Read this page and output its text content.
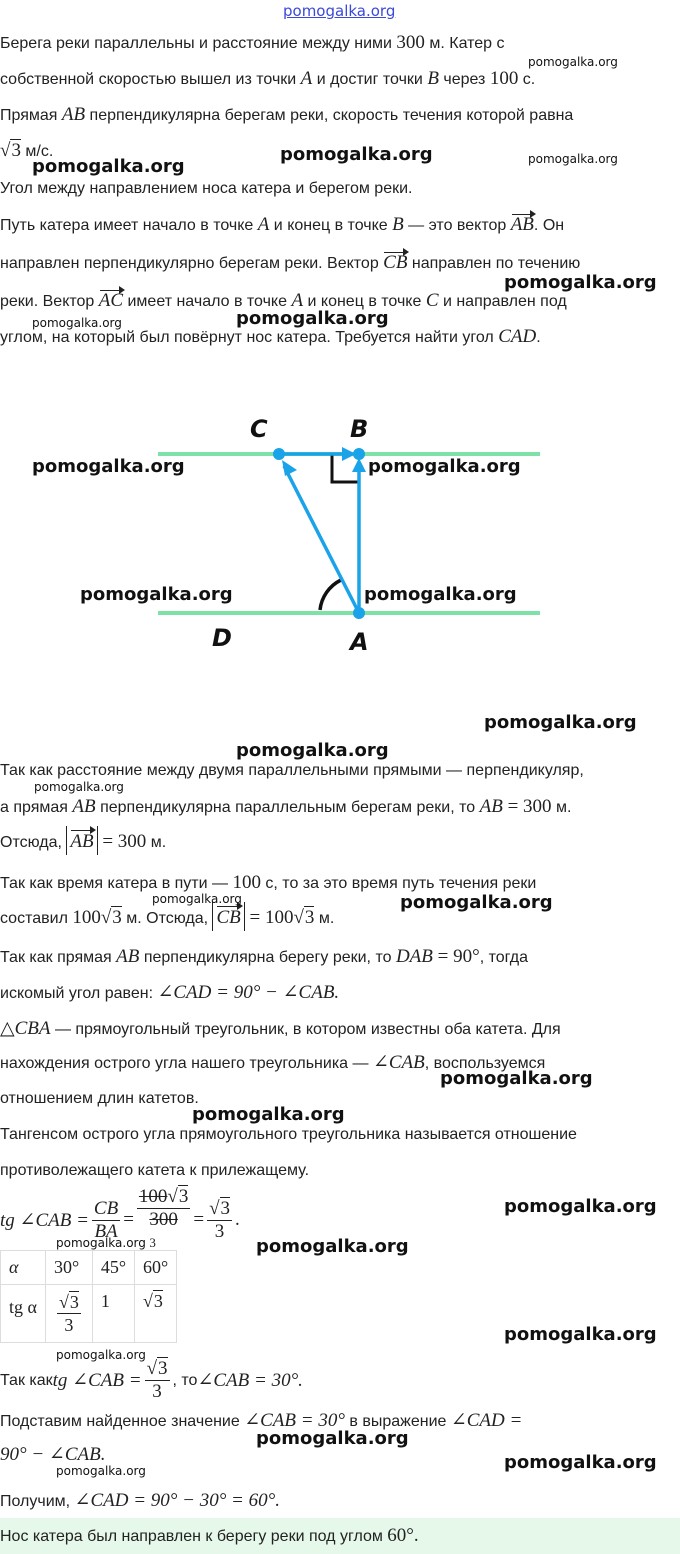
pomogalka.org
Берега реки параллельны и расстояние между ними 300 м. Катер с
собственной скоростью вышел из точки A и достиг точки B через 100 с.
Прямая AB перпендикулярна берегам реки, скорость течения которой равна
√3 м/с.
Угол между направлением носа катера и берегом реки.
Путь катера имеет начало в точке A и конец в точке B — это вектор AB. Он
направлен перпендикулярно берегам реки. Вектор CB направлен по течению
реки. Вектор AC имеет начало в точке A и конец в точке C и направлен под
углом, на который был повёрнут нос катера. Требуется найти угол CAD.
C	B
D	A
Так как расстояние между двумя параллельными прямыми — перпендикуляр,
а прямая AB перпендикулярна параллельным берегам реки, то AB = 300 м.
Отсюда, AB = 300 м.
Так как время катера в пути — 100 с, то за это время путь течения реки
составил 100√3 м. Отсюда, CB = 100√3 м.
Так как прямая AB перпендикулярна берегу реки, то DAB = 90°, тогда
искомый угол равен: ∠CAD = 90° − ∠CAB.
△CBA — прямоугольный треугольник, в котором известны оба катета. Для
нахождения острого угла нашего треугольника — ∠CAB, воспользуемся
отношением длин катетов.
Тангенсом острого угла прямоугольного треугольника называется отношение
противолежащего катета к прилежащему.
tg ∠CAB = $\frac{CB}{BA}$ =
100√3
300
3
= $\frac{√3}{3}$ .
α	30°	45°	60°
tg α	$\frac{√3}{3}$	1	√3
Так как tg ∠CAB = $\frac{√3}{3}$ , то ∠CAB = 30°.
Подставим найденное значение ∠CAB = 30° в выражение ∠CAD =
90° − ∠CAB.
Получим, ∠CAD = 90° − 30° = 60°.
Нос катера был направлен к берегу реки под углом 60°.
pomogalka.org
pomogalka.org	pomogalka.org
pomogalka.org
pomogalka.org
pomogalka.org	pomogalka.org
pomogalka.org	pomogalka.org
pomogalka.org	pomogalka.org
pomogalka.org
pomogalka.org
pomogalka.org
pomogalka.org
pomogalka.org
pomogalka.org
pomogalka.org
pomogalka.org
pomogalka.org	pomogalka.org
pomogalka.org
pomogalka.org
pomogalka.org
pomogalka.org
pomogalka.org
